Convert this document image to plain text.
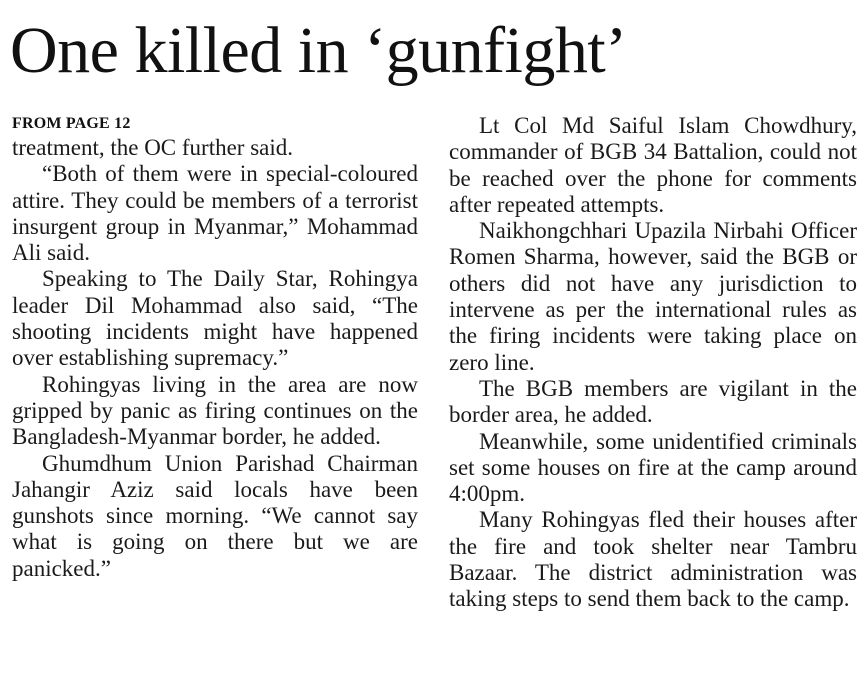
One killed in ‘gunfight’
FROM PAGE 12

treatment, the OC further said.

“Both of them were in special-coloured attire. They could be members of a terrorist insurgent group in Myanmar,” Mohammad Ali said.

Speaking to The Daily Star, Rohingya leader Dil Mohammad also said, “The shooting incidents might have happened over establishing supremacy.”

Rohingyas living in the area are now gripped by panic as firing continues on the Bangladesh-Myanmar border, he added.

Ghumdhum Union Parishad Chairman Jahangir Aziz said locals have been gunshots since morning. “We cannot say what is going on there but we are panicked.”

Lt Col Md Saiful Islam Chowdhury, commander of BGB 34 Battalion, could not be reached over the phone for comments after repeated attempts.

Naikhongchhari Upazila Nirbahi Officer Romen Sharma, however, said the BGB or others did not have any jurisdiction to intervene as per the international rules as the firing incidents were taking place on zero line.

The BGB members are vigilant in the border area, he added.

Meanwhile, some unidentified criminals set some houses on fire at the camp around 4:00pm.

Many Rohingyas fled their houses after the fire and took shelter near Tambru Bazaar. The district administration was taking steps to send them back to the camp.
